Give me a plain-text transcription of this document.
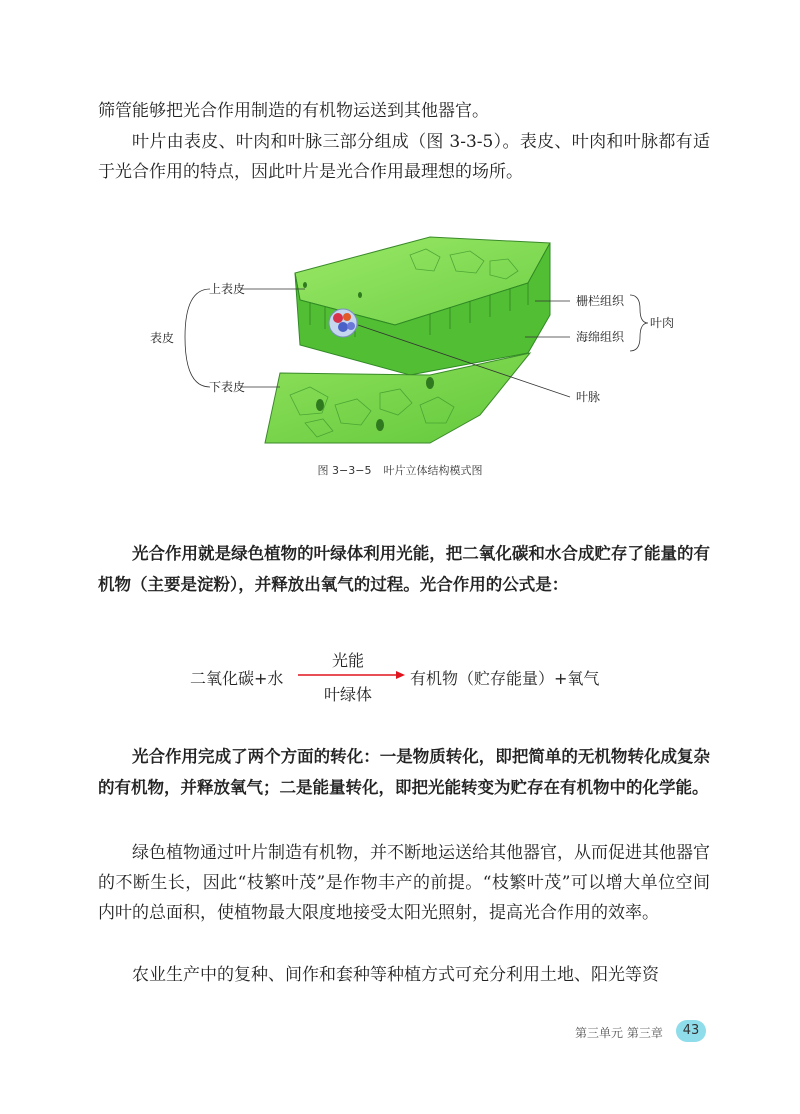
筛管能够把光合作用制造的有机物运送到其他器官。

叶片由表皮、叶肉和叶脉三部分组成（图 3-3-5）。表皮、叶肉和叶脉都有适于光合作用的特点，因此叶片是光合作用最理想的场所。

上表皮
表皮
下表皮
栅栏组织
海绵组织
叶肉
叶脉
图 3−3−5 叶片立体结构模式图

光合作用就是绿色植物的叶绿体利用光能，把二氧化碳和水合成贮存了能量的有机物（主要是淀粉），并释放出氧气的过程。光合作用的公式是：

二氧化碳+水
光能
叶绿体
有机物（贮存能量）+氧气

光合作用完成了两个方面的转化：一是物质转化，即把简单的无机物转化成复杂的有机物，并释放氧气；二是能量转化，即把光能转变为贮存在有机物中的化学能。

绿色植物通过叶片制造有机物，并不断地运送给其他器官，从而促进其他器官的不断生长，因此“枝繁叶茂”是作物丰产的前提。“枝繁叶茂”可以增大单位空间内叶的总面积，使植物最大限度地接受太阳光照射，提高光合作用的效率。

农业生产中的复种、间作和套种等种植方式可充分利用土地、阳光等资

第三单元 第三章	43
